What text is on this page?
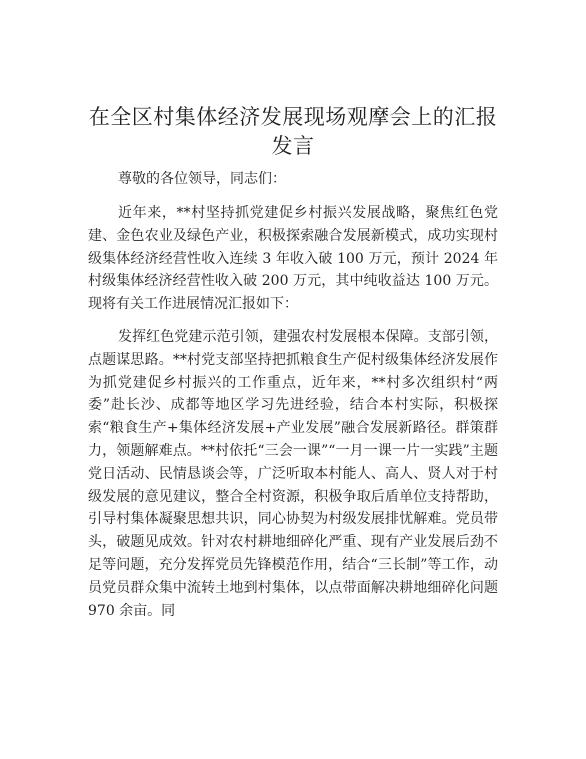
在全区村集体经济发展现场观摩会上的汇报发言

尊敬的各位领导，同志们：

近年来，**村坚持抓党建促乡村振兴发展战略，聚焦红色党建、金色农业及绿色产业，积极探索融合发展新模式，成功实现村级集体经济经营性收入连续 3 年收入破 100 万元，预计 2024 年村级集体经济经营性收入破 200 万元，其中纯收益达 100 万元。现将有关工作进展情况汇报如下：

发挥红色党建示范引领，建强农村发展根本保障。支部引领，点题谋思路。**村党支部坚持把抓粮食生产促村级集体经济发展作为抓党建促乡村振兴的工作重点，近年来，**村多次组织村“两委”赴长沙、成都等地区学习先进经验，结合本村实际，积极探索“粮食生产+集体经济发展+产业发展”融合发展新路径。群策群力，领题解难点。**村依托“三会一课”“一月一课一片一实践”主题党日活动、民情恳谈会等，广泛听取本村能人、高人、贤人对于村级发展的意见建议，整合全村资源，积极争取后盾单位支持帮助，引导村集体凝聚思想共识，同心协契为村级发展排忧解难。党员带头，破题见成效。针对农村耕地细碎化严重、现有产业发展后劲不足等问题，充分发挥党员先锋模范作用，结合“三长制”等工作，动员党员群众集中流转土地到村集体，以点带面解决耕地细碎化问题 970 余亩。同
